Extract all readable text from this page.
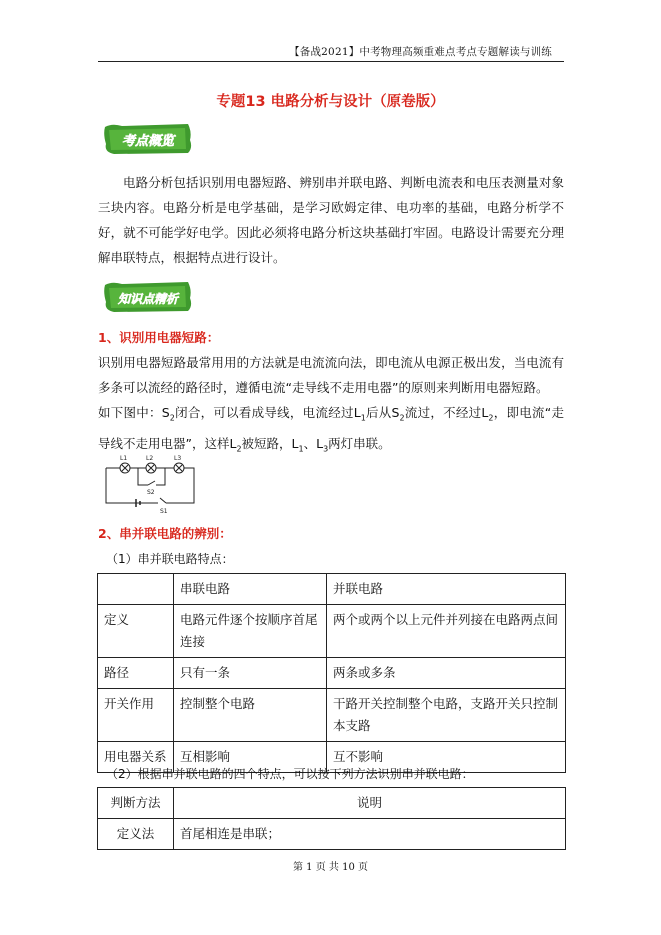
【备战2021】中考物理高频重难点考点专题解读与训练
专题13 电路分析与设计（原卷版）
考点概览
电路分析包括识别用电器短路、辨别串并联电路、判断电流表和电压表测量对象三块内容。电路分析是电学基础，是学习欧姆定律、电功率的基础，电路分析学不好，就不可能学好电学。因此必须将电路分析这块基础打牢固。电路设计需要充分理解串联特点，根据特点进行设计。
知识点精析
1、识别用电器短路：
识别用电器短路最常用用的方法就是电流流向法，即电流从电源正极出发，当电流有多条可以流经的路径时，遵循电流“走导线不走用电器”的原则来判断用电器短路。
如下图中：$S_2$闭合，可以看成导线，电流经过$L_1$后从$S_2$流过，不经过$L_2$，即电流“走导线不走用电器”，这样$L_2$被短路，$L_1$、$L_3$两灯串联。
L1	L2	L3
S2
S1
2、串并联电路的辨别：
（1）串并联电路特点：
	串联电路	并联电路
定义	电路元件逐个按顺序首尾连接	两个或两个以上元件并列接在电路两点间
路径	只有一条	两条或多条
开关作用	控制整个电路	干路开关控制整个电路，支路开关只控制本支路
用电器关系	互相影响	互不影响
（2）根据串并联电路的四个特点，可以按下列方法识别串并联电路：
判断方法	说明
定义法	首尾相连是串联；
第 1 页 共 10 页
